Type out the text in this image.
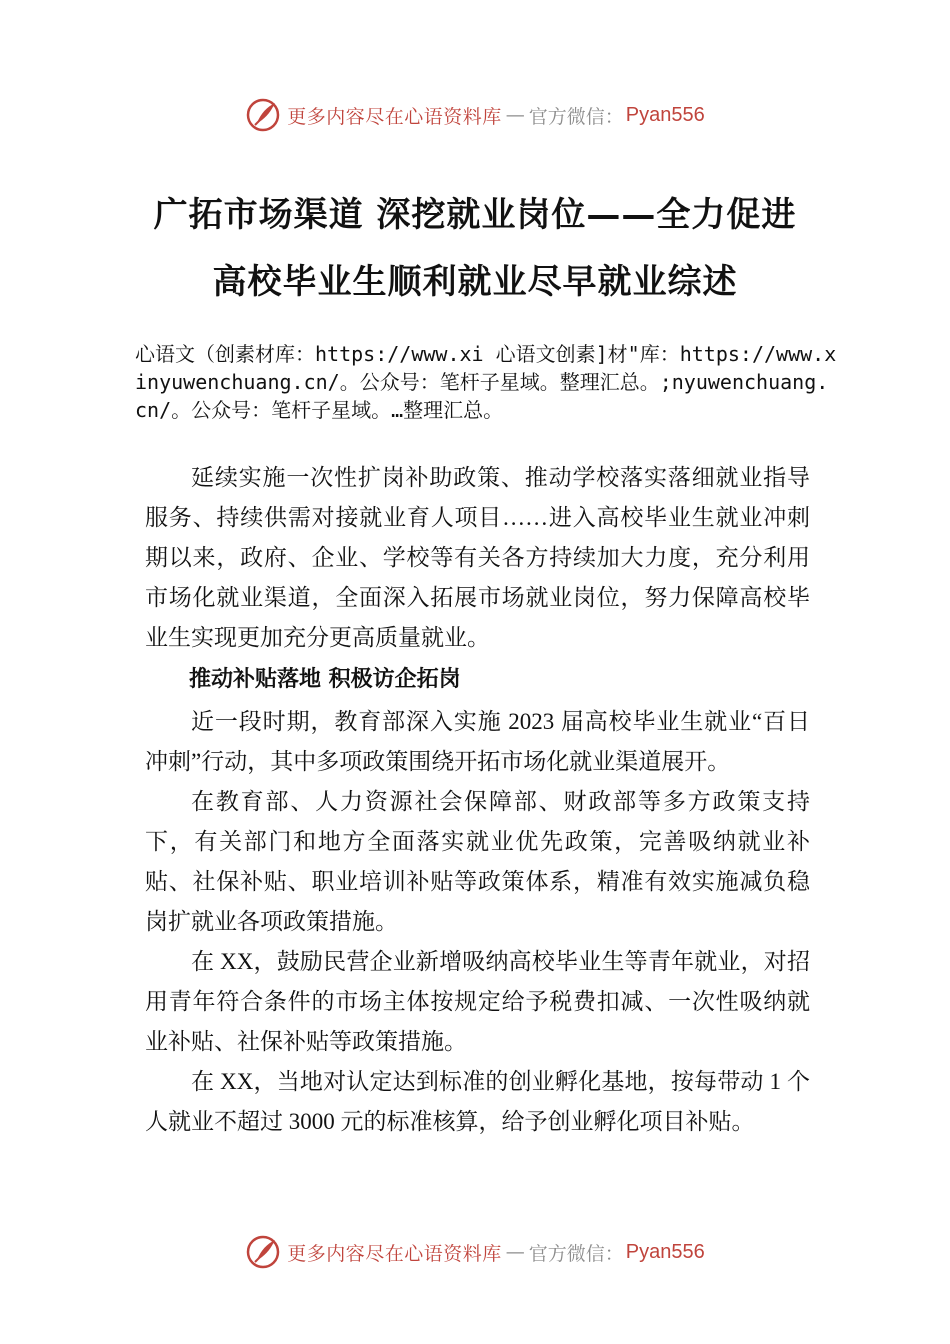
更多内容尽在心语资料库 — 官方微信： Pyan556
广拓市场渠道 深挖就业岗位——全力促进
高校毕业生顺利就业尽早就业综述
心语文（创素材库：https://www.xi 心语文创素]材"库：https://www.xinyuwenchuang.cn/。公众号：笔杆子星域。整理汇总。;nyuwenchuang.cn/。公众号：笔杆子星域。…整理汇总。

延续实施一次性扩岗补助政策、推动学校落实落细就业指导服务、持续供需对接就业育人项目……进入高校毕业生就业冲刺期以来，政府、企业、学校等有关各方持续加大力度，充分利用市场化就业渠道，全面深入拓展市场就业岗位，努力保障高校毕业生实现更加充分更高质量就业。

推动补贴落地 积极访企拓岗

近一段时期，教育部深入实施 2023 届高校毕业生就业“百日冲刺”行动，其中多项政策围绕开拓市场化就业渠道展开。

在教育部、人力资源社会保障部、财政部等多方政策支持下，有关部门和地方全面落实就业优先政策，完善吸纳就业补贴、社保补贴、职业培训补贴等政策体系，精准有效实施减负稳岗扩就业各项政策措施。

在 XX，鼓励民营企业新增吸纳高校毕业生等青年就业，对招用青年符合条件的市场主体按规定给予税费扣减、一次性吸纳就业补贴、社保补贴等政策措施。

在 XX，当地对认定达到标准的创业孵化基地，按每带动 1 个人就业不超过 3000 元的标准核算，给予创业孵化项目补贴。

更多内容尽在心语资料库 — 官方微信： Pyan556
